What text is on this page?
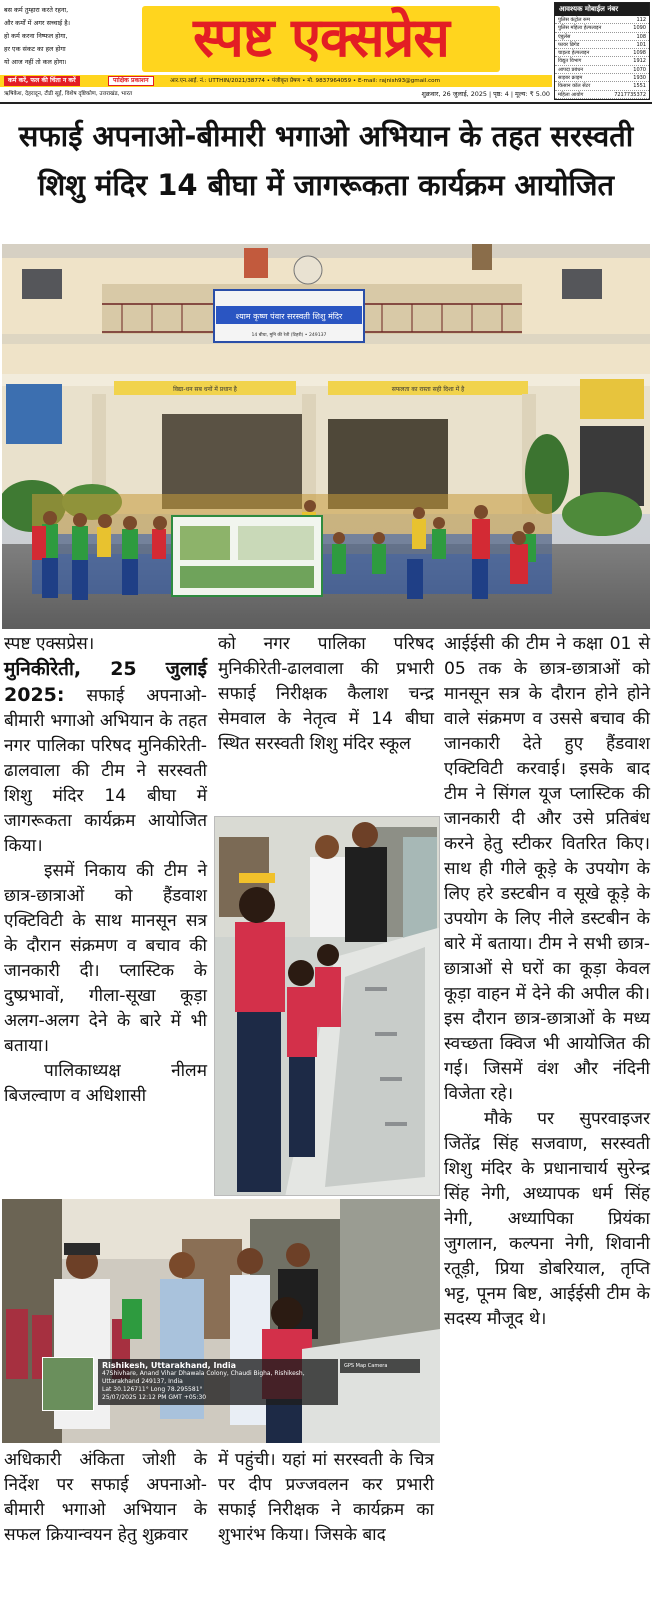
बस कर्म तुम्हारा करते रहना,
और कर्मों में अगर सच्चाई है।
हो कर्म करना निष्फल होगा,
हर एक संकट का हल होगा
यो आज नहीं तो कल होगा।	स्पष्ट एक्सप्रेस	आवश्यक मोबाईल नंबर
पुलिस कंट्रोल रूम	112
पुलिस महिला हेल्पलाइन	1090
एंबुलेंस	108
फायर ब्रिगेड	101
चाइल्ड हेल्पलाइन	1098
विद्युत विभाग	1912
आपदा प्रबंधन	1070
साइबर क्राइम	1930
किसान कॉल सेंटर	1551
महिला आयोग	7217735372
कर्म करें, फल की चिंता न करें	पाक्षिक प्रकाशन	आर.एन.आई. नं.: UTTHIN/2021/38774 • पंजीकृत प्रेषण • मो. 9837964059 • E-mail: rajnish93@gmail.com
ऋषिकेश, देहरादून, टीडी सूईं, विशेष दृष्टिकोण, उत्तराखंड, भारत	शुक्रवार, 26 जुलाई, 2025 | पृष्ठ: 4 | मूल्य: ₹ 5.00
सफाई अपनाओ-बीमारी भगाओ अभियान के तहत सरस्वती
शिशु मंदिर 14 बीघा में जागरूकता कार्यक्रम आयोजित
श्याम कृष्ण पंवार सरस्वती शिशु मंदिर
14 बीघा, मुनि की रेती (टिहरी) • 249137
विद्या-धन सब धनों में प्रधान है	सफलता का रास्ता सही दिशा में है

स्पष्ट एक्सप्रेस।

मुनिकीरेती, 25 जुलाई 2025: सफाई अपनाओ-बीमारी भगाओ अभियान के तहत नगर पालिका परिषद मुनिकीरेती-ढालवाला की टीम ने सरस्वती शिशु मंदिर 14 बीघा में जागरूकता कार्यक्रम आयोजित किया।

इसमें निकाय की टीम ने छात्र-छात्राओं को हैंडवाश एक्टिविटी के साथ मानसून सत्र के दौरान संक्रमण व बचाव की जानकारी दी। प्लास्टिक के दुष्प्रभावों, गीला-सूखा कूड़ा अलग-अलग देने के बारे में भी बताया।

पालिकाध्यक्ष नीलम बिजल्वाण व अधिशासी

को नगर पालिका परिषद मुनिकीरेती-ढालवाला की प्रभारी सफाई निरीक्षक कैलाश चन्द्र सेमवाल के नेतृत्व में 14 बीघा स्थित सरस्वती शिशु मंदिर स्कूल

आईईसी की टीम ने कक्षा 01 से 05 तक के छात्र-छात्राओं को मानसून सत्र के दौरान होने होने वाले संक्रमण व उससे बचाव की जानकारी देते हुए हैंडवाश एक्टिविटी करवाई। इसके बाद टीम ने सिंगल यूज प्लास्टिक की जानकारी दी और उसे प्रतिबंध करने हेतु स्टीकर वितरित किए। साथ ही गीले कूड़े के उपयोग के लिए हरे डस्टबीन व सूखे कूड़े के उपयोग के लिए नीले डस्टबीन के बारे में बताया। टीम ने सभी छात्र-छात्राओं से घरों का कूड़ा केवल कूड़ा वाहन में देने की अपील की। इस दौरान छात्र-छात्राओं के मध्य स्वच्छता क्विज भी आयोजित की गई। जिसमें वंश और नंदिनी विजेता रहे।

मौके पर सुपरवाइजर जितेंद्र सिंह सजवाण, सरस्वती शिशु मंदिर के प्रधानाचार्य सुरेन्द्र सिंह नेगी, अध्यापक धर्म सिंह नेगी, अध्यापिका प्रियंका जुगलान, कल्पना नेगी, शिवानी रतूड़ी, प्रिया डोबरियाल, तृप्ति भट्ट, पूनम बिष्ट, आईईसी टीम के सदस्य मौजूद थे।

Rishikesh, Uttarakhand, India
47Shivhare, Anand Vihar Dhawala Colony, Chaudi Bigha, Rishikesh, Uttarakhand 249137, India
Lat 30.126711° Long 78.295581°
25/07/2025 12:12 PM GMT +05:30
GPS Map Camera

अधिकारी अंकिता जोशी के निर्देश पर सफाई अपनाओ-बीमारी भगाओ अभियान के सफल क्रियान्वयन हेतु शुक्रवार

में पहुंची। यहां मां सरस्वती के चित्र पर दीप प्रज्जवलन कर प्रभारी सफाई निरीक्षक ने कार्यक्रम का शुभारंभ किया। जिसके बाद
